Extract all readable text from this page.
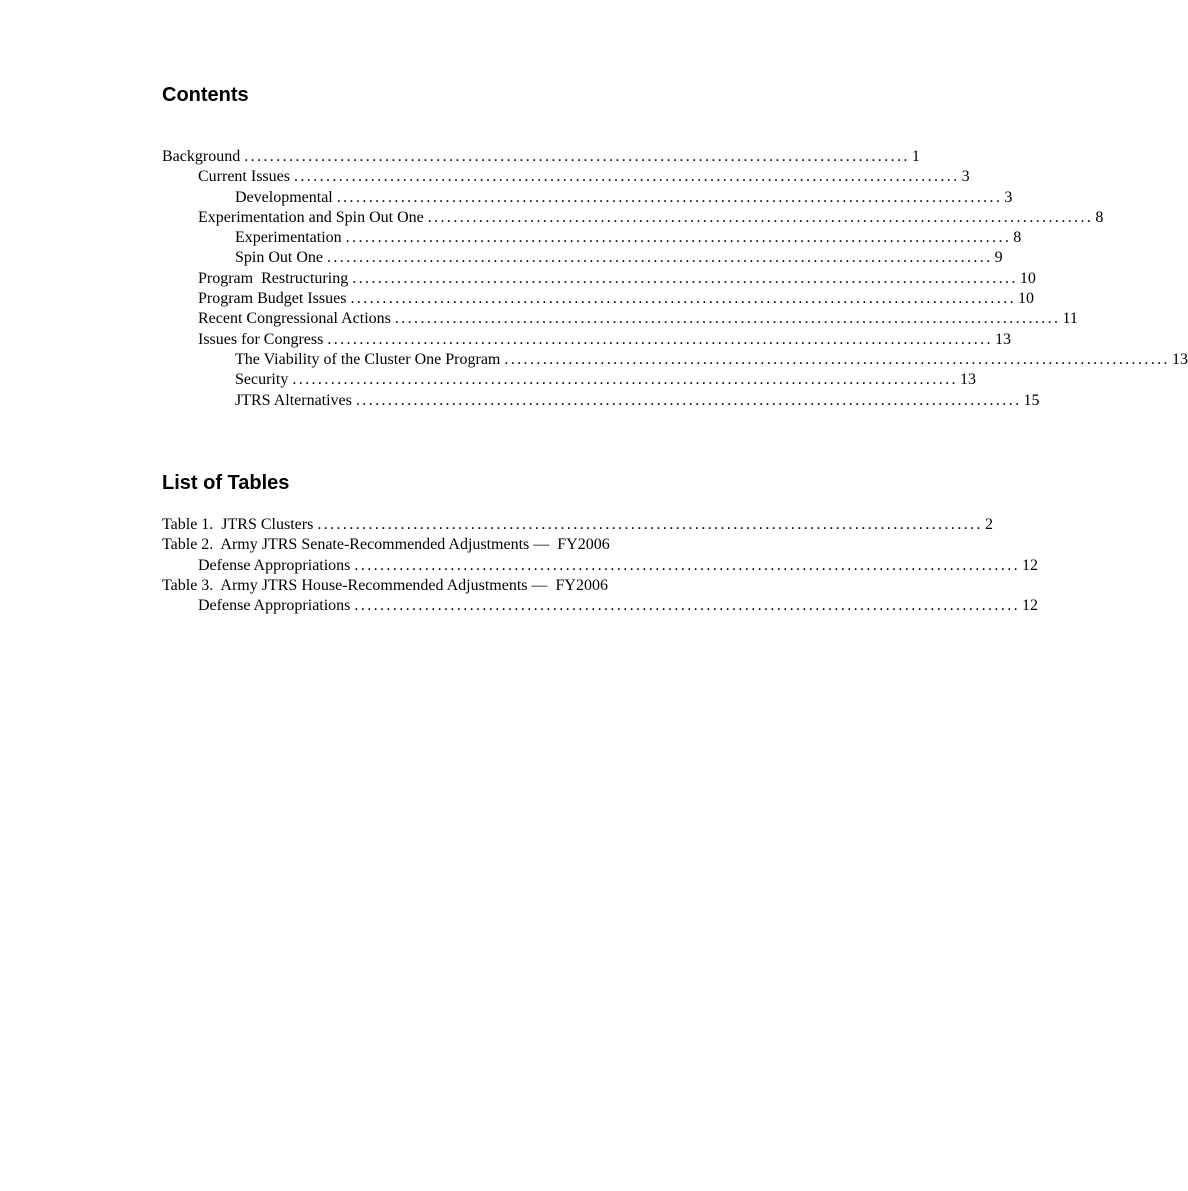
Contents
Background ........................................................................................................ 1
Current Issues ........................................................................................................ 3
Developmental ........................................................................................................ 3
Experimentation and Spin Out One ........................................................................................................ 8
Experimentation ........................................................................................................ 8
Spin Out One ........................................................................................................ 9
Program  Restructuring ........................................................................................................ 10
Program Budget Issues ........................................................................................................ 10
Recent Congressional Actions ........................................................................................................ 11
Issues for Congress ........................................................................................................ 13
The Viability of the Cluster One Program ........................................................................................................ 13
Security ........................................................................................................ 13
JTRS Alternatives ........................................................................................................ 15
List of Tables
Table 1.  JTRS Clusters ........................................................................................................ 2
Table 2.  Army JTRS Senate-Recommended Adjustments —  FY2006
Defense Appropriations ........................................................................................................ 12
Table 3.  Army JTRS House-Recommended Adjustments —  FY2006
Defense Appropriations ........................................................................................................ 12
